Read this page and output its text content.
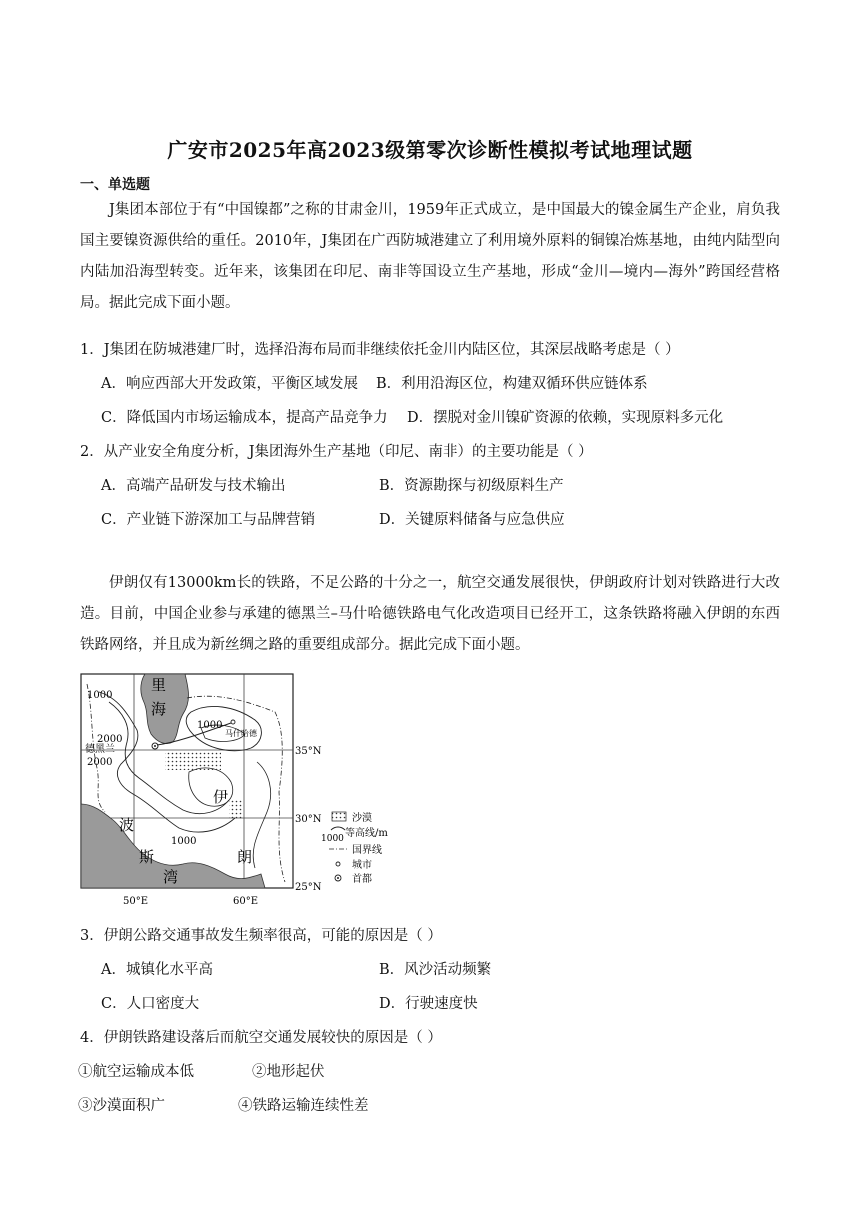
广安市2025年高2023级第零次诊断性模拟考试地理试题
一、单选题
J集团本部位于有“中国镍都”之称的甘肃金川，1959年正式成立，是中国最大的镍金属生产企业，肩负我国主要镍资源供给的重任。2010年，J集团在广西防城港建立了利用境外原料的铜镍冶炼基地，由纯内陆型向内陆加沿海型转变。近年来，该集团在印尼、南非等国设立生产基地，形成“金川—境内—海外”跨国经营格局。据此完成下面小题。
1．J集团在防城港建厂时，选择沿海布局而非继续依托金川内陆区位，其深层战略考虑是（ ）
A．响应西部大开发政策，平衡区域发展 B．利用沿海区位，构建双循环供应链体系
C．降低国内市场运输成本，提高产品竞争力 D．摆脱对金川镍矿资源的依赖，实现原料多元化
2．从产业安全角度分析，J集团海外生产基地（印尼、南非）的主要功能是（ ）
A．高端产品研发与技术输出	B．资源勘探与初级原料生产
C．产业链下游深加工与品牌营销	D．关键原料储备与应急供应
伊朗仅有13000km长的铁路，不足公路的十分之一，航空交通发展很快，伊朗政府计划对铁路进行大改造。目前，中国企业参与承建的德黑兰–马什哈德铁路电气化改造项目已经开工，这条铁路将融入伊朗的东西铁路网络，并且成为新丝绸之路的重要组成部分。据此完成下面小题。
里
海
1000
1000
马什哈德
2000
德黑兰
2000
伊
波
1000
斯	朗
湾
35°N
30°N
25°N
50°E	60°E
沙漠
1000 等高线/m
国界线
城市
首都
3．伊朗公路交通事故发生频率很高，可能的原因是（ ）
A．城镇化水平高	B．风沙活动频繁
C．人口密度大	D．行驶速度快
4．伊朗铁路建设落后而航空交通发展较快的原因是（ ）
①航空运输成本低	②地形起伏
③沙漠面积广	④铁路运输连续性差
